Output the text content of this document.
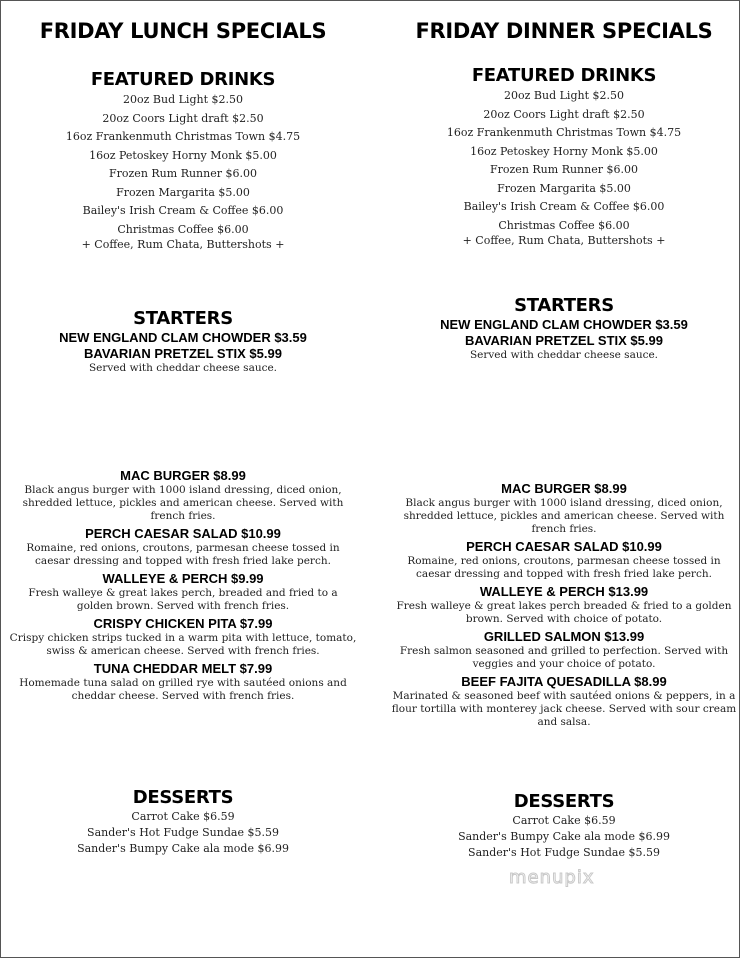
FRIDAY LUNCH SPECIALS
FEATURED DRINKS
20oz Bud Light $2.50
20oz Coors Light draft $2.50
16oz Frankenmuth Christmas Town $4.75
16oz Petoskey Horny Monk $5.00
Frozen Rum Runner $6.00
Frozen Margarita $5.00
Bailey's Irish Cream & Coffee $6.00
Christmas Coffee $6.00
+ Coffee, Rum Chata, Buttershots +
STARTERS
NEW ENGLAND CLAM CHOWDER $3.59
BAVARIAN PRETZEL STIX $5.99
Served with cheddar cheese sauce.
MAC BURGER $8.99
Black angus burger with 1000 island dressing, diced onion, shredded lettuce, pickles and american cheese. Served with french fries.
PERCH CAESAR SALAD $10.99
Romaine, red onions, croutons, parmesan cheese tossed in caesar dressing and topped with fresh fried lake perch.
WALLEYE & PERCH $9.99
Fresh walleye & great lakes perch, breaded and fried to a golden brown. Served with french fries.
CRISPY CHICKEN PITA $7.99
Crispy chicken strips tucked in a warm pita with lettuce, tomato, swiss & american cheese. Served with french fries.
TUNA CHEDDAR MELT $7.99
Homemade tuna salad on grilled rye with sautéed onions and cheddar cheese. Served with french fries.
DESSERTS
Carrot Cake $6.59
Sander's Hot Fudge Sundae $5.59
Sander's Bumpy Cake ala mode $6.99
FRIDAY DINNER SPECIALS
FEATURED DRINKS
20oz Bud Light $2.50
20oz Coors Light draft $2.50
16oz Frankenmuth Christmas Town $4.75
16oz Petoskey Horny Monk $5.00
Frozen Rum Runner $6.00
Frozen Margarita $5.00
Bailey's Irish Cream & Coffee $6.00
Christmas Coffee $6.00
+ Coffee, Rum Chata, Buttershots +
STARTERS
NEW ENGLAND CLAM CHOWDER $3.59
BAVARIAN PRETZEL STIX $5.99
Served with cheddar cheese sauce.
MAC BURGER $8.99
Black angus burger with 1000 island dressing, diced onion, shredded lettuce, pickles and american cheese. Served with french fries.
PERCH CAESAR SALAD $10.99
Romaine, red onions, croutons, parmesan cheese tossed in caesar dressing and topped with fresh fried lake perch.
WALLEYE & PERCH $13.99
Fresh walleye & great lakes perch breaded & fried to a golden brown. Served with choice of potato.
GRILLED SALMON $13.99
Fresh salmon seasoned and grilled to perfection. Served with veggies and your choice of potato.
BEEF FAJITA QUESADILLA $8.99
Marinated & seasoned beef with sautéed onions & peppers, in a flour tortilla with monterey jack cheese. Served with sour cream and salsa.
DESSERTS
Carrot Cake $6.59
Sander's Bumpy Cake ala mode $6.99
Sander's Hot Fudge Sundae $5.59
menupix
